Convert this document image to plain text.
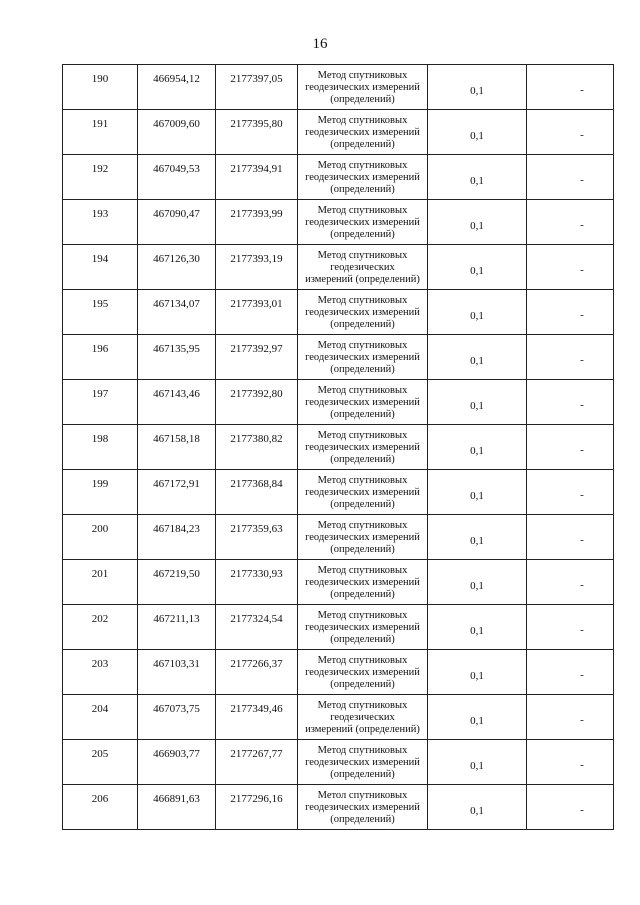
16
190	466954,12	2177397,05	Метод спутниковых
геодезических измерений
(определений)	0,1	-

191	467009,60	2177395,80	Метод спутниковых
геодезических измерений
(определений)	0,1	-

192	467049,53	2177394,91	Метод спутниковых
геодезических измерений
(определений)	0,1	-

193	467090,47	2177393,99	Метод спутниковых
геодезических измерений
(определений)	0,1	-

194	467126,30	2177393,19	Метод спутниковых
геодезических
измерений (определений)	0,1	-

195	467134,07	2177393,01	Метод спутниковых
геодезических измерений
(определений)	0,1	-

196	467135,95	2177392,97	Метод спутниковых
геодезических измерений
(определений)	0,1	-

197	467143,46	2177392,80	Метод спутниковых
геодезических измерений
(определений)	0,1	-

198	467158,18	2177380,82	Метод спутниковых
геодезических измерений
(определений)	0,1	-

199	467172,91	2177368,84	Метод спутниковых
геодезических измерений
(определений)	0,1	-

200	467184,23	2177359,63	Метод спутниковых
геодезических измерений
(определений)	0,1	-

201	467219,50	2177330,93	Метод спутниковых
геодезических измерений
(определений)	0,1	-

202	467211,13	2177324,54	Метод спутниковых
геодезических измерений
(определений)	0,1	-

203	467103,31	2177266,37	Метод спутниковых
геодезических измерений
(определений)	0,1	-

204	467073,75	2177349,46	Метод спутниковых
геодезических
измерений (определений)	0,1	-

205	466903,77	2177267,77	Метод спутниковых
геодезических измерений
(определений)	0,1	-

206	466891,63	2177296,16	Метол спутниковых
геодезических измерений
(определений)	0,1	-
